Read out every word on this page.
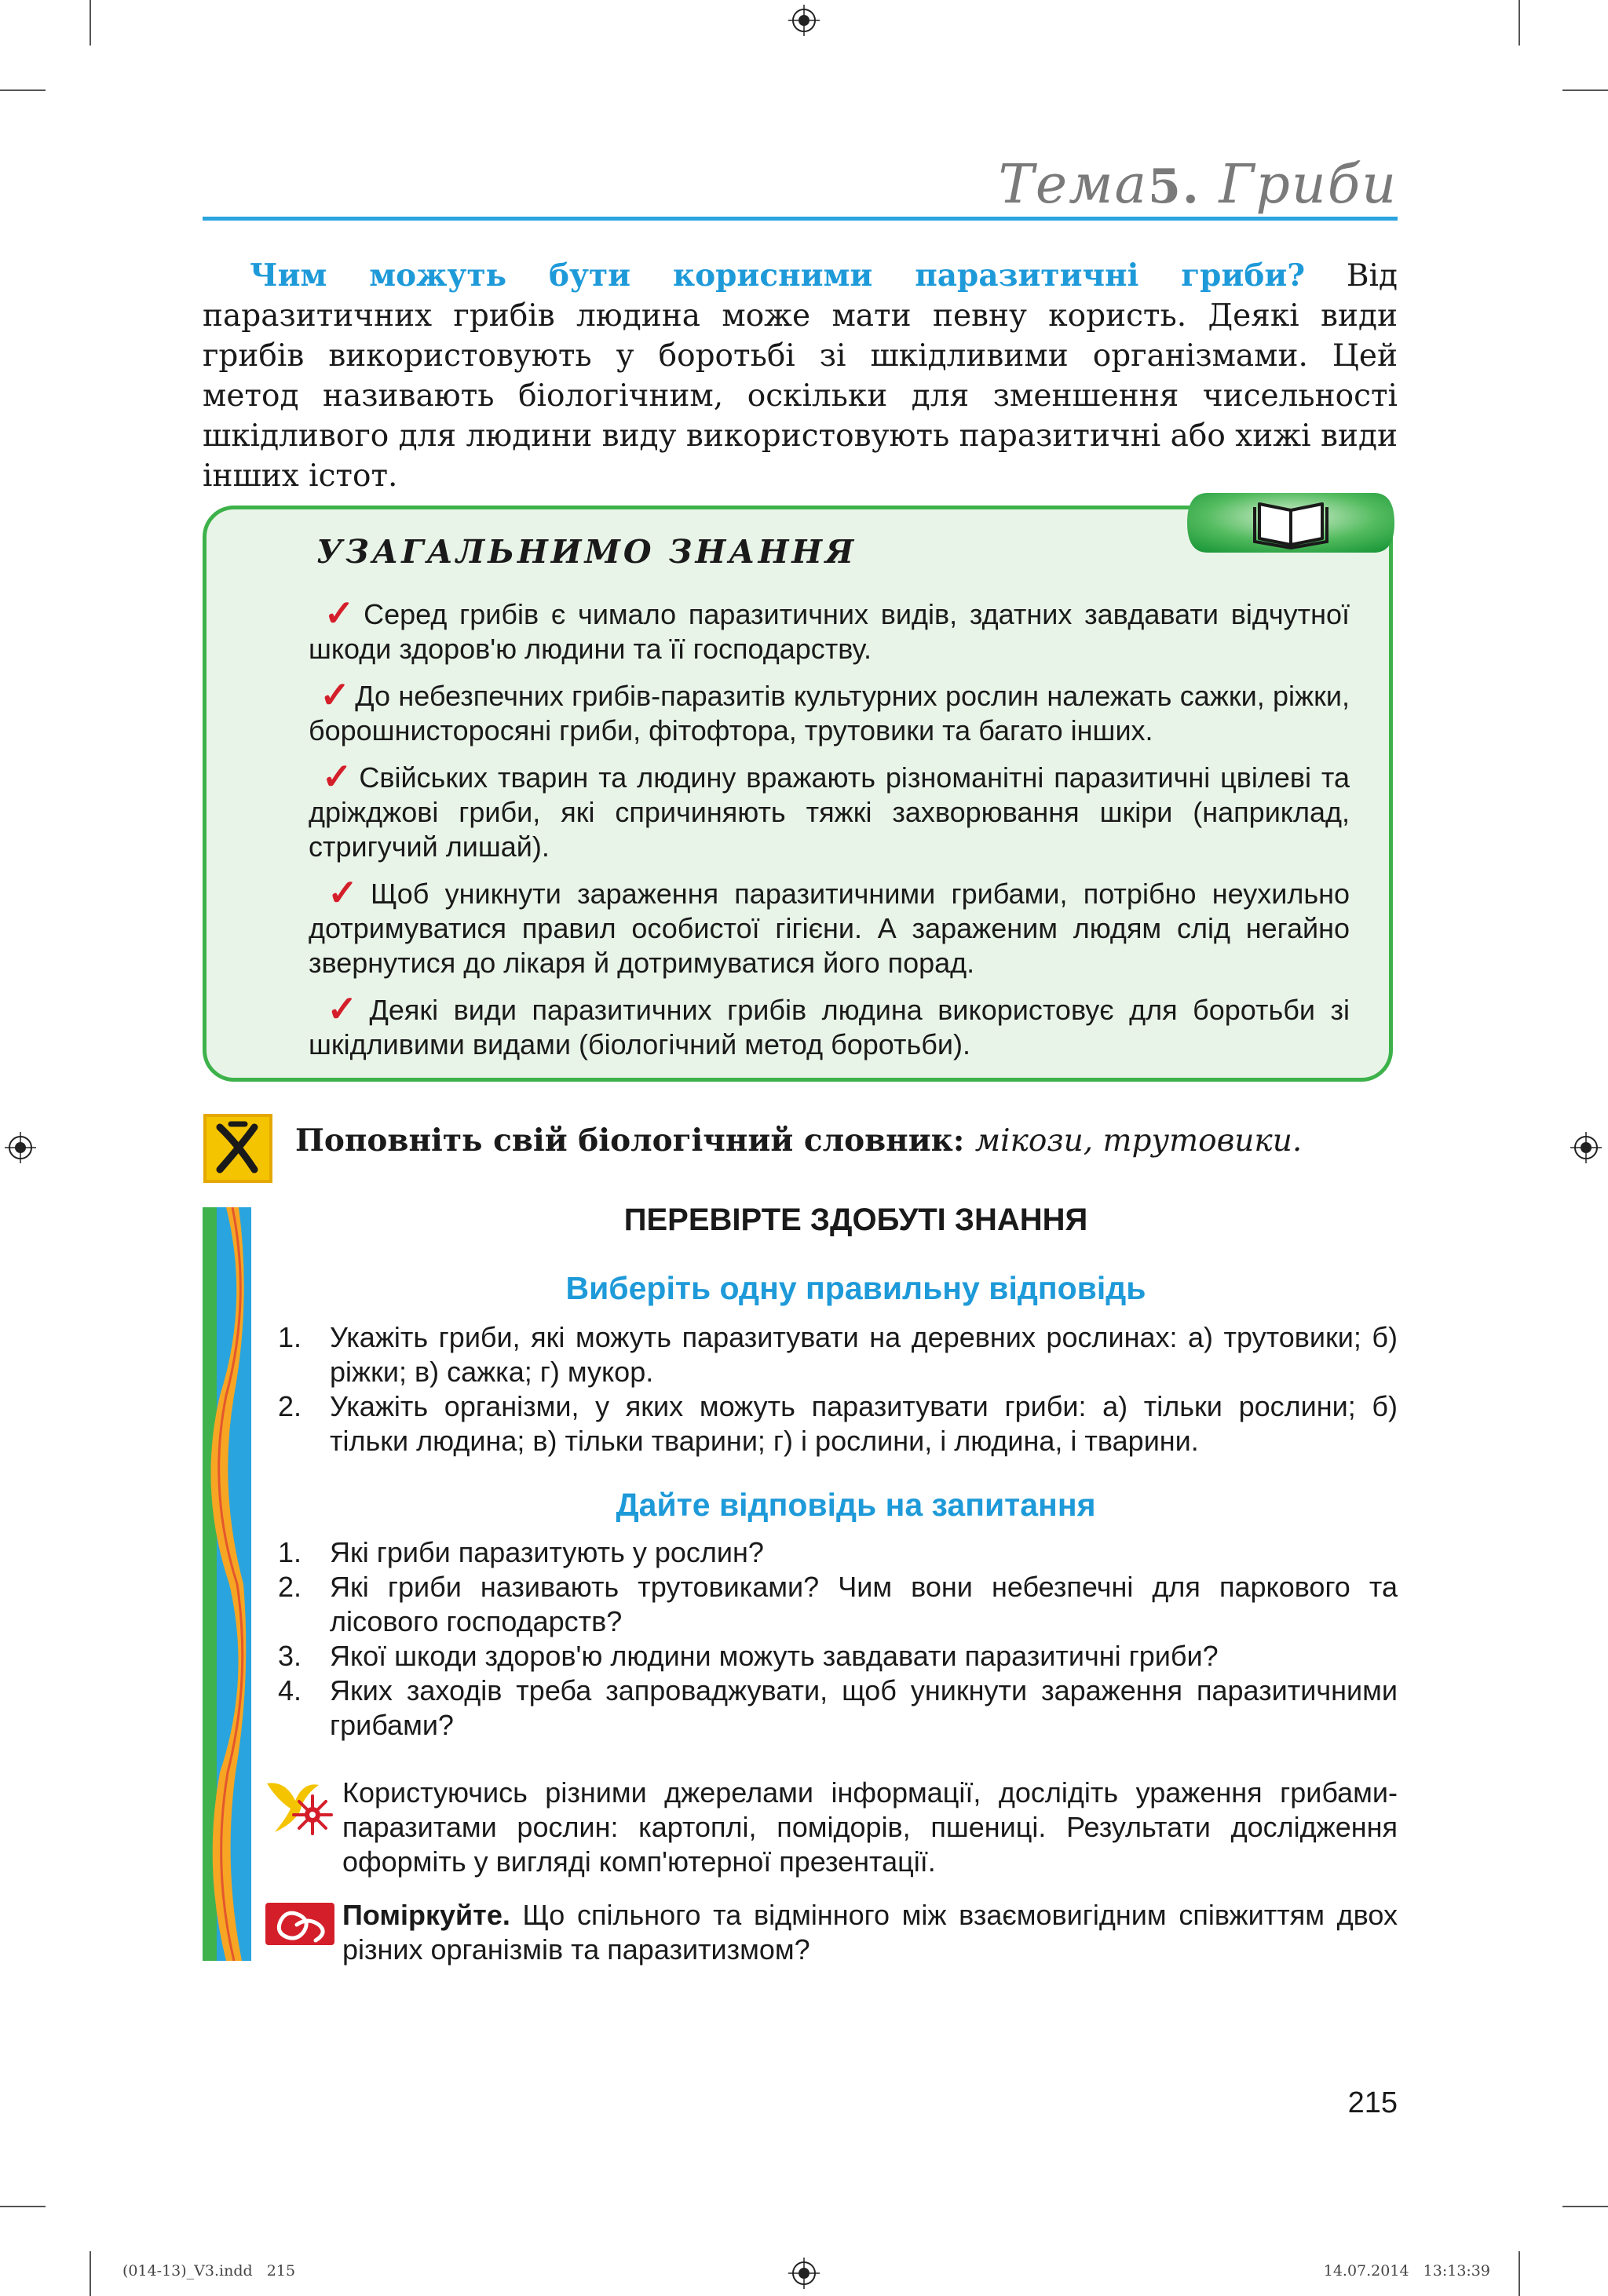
Тема5. Гриби
Чим можуть бути корисними паразитичні гриби? Від паразитичних грибів людина може мати певну користь. Деякі види грибів використовують у боротьбі зі шкідливими організмами. Цей метод називають біологічним, оскільки для зменшення чисельності шкідливого для людини виду використовують паразитичні або хижі види інших істот.
УЗАГАЛЬНИМО ЗНАННЯ
✓ Серед грибів є чимало паразитичних видів, здатних завдавати відчутної шкоди здоров'ю людини та її господарству.
✓ До небезпечних грибів-паразитів культурних рослин належать сажки, ріжки, борошнисторосяні гриби, фітофтора, трутовики та багато інших.
✓ Свійських тварин та людину вражають різноманітні паразитичні цвілеві та дріжджові гриби, які спричиняють тяжкі захворювання шкіри (наприклад, стригучий лишай).
✓ Щоб уникнути зараження паразитичними грибами, потрібно неухильно дотримуватися правил особистої гігієни. А зараженим людям слід негайно звернутися до лікаря й дотримуватися його порад.
✓ Деякі види паразитичних грибів людина використовує для боротьби зі шкідливими видами (біологічний метод боротьби).
Поповніть свій біологічний словник: мікози, трутовики.
ПЕРЕВІРТЕ ЗДОБУТІ ЗНАННЯ
Виберіть одну правильну відповідь
1. Укажіть гриби, які можуть паразитувати на деревних рослинах: а) трутовики; б) ріжки; в) сажка; г) мукор.
2. Укажіть організми, у яких можуть паразитувати гриби: а) тільки рослини; б) тільки людина; в) тільки тварини; г) і рослини, і людина, і тварини.
Дайте відповідь на запитання
1. Які гриби паразитують у рослин?
2. Які гриби називають трутовиками? Чим вони небезпечні для паркового та лісового господарств?
3. Якої шкоди здоров'ю людини можуть завдавати паразитичні гриби?
4. Яких заходів треба запроваджувати, щоб уникнути зараження паразитичними грибами?
Користуючись різними джерелами інформації, дослідіть ураження грибами-паразитами рослин: картоплі, помідорів, пшениці. Результати дослідження оформіть у вигляді комп'ютерної презентації.
Поміркуйте. Що спільного та відмінного між взаємовигідним співжиттям двох різних організмів та паразитизмом?
215
(014-13)_V3.indd   215	14.07.2014   13:13:39
